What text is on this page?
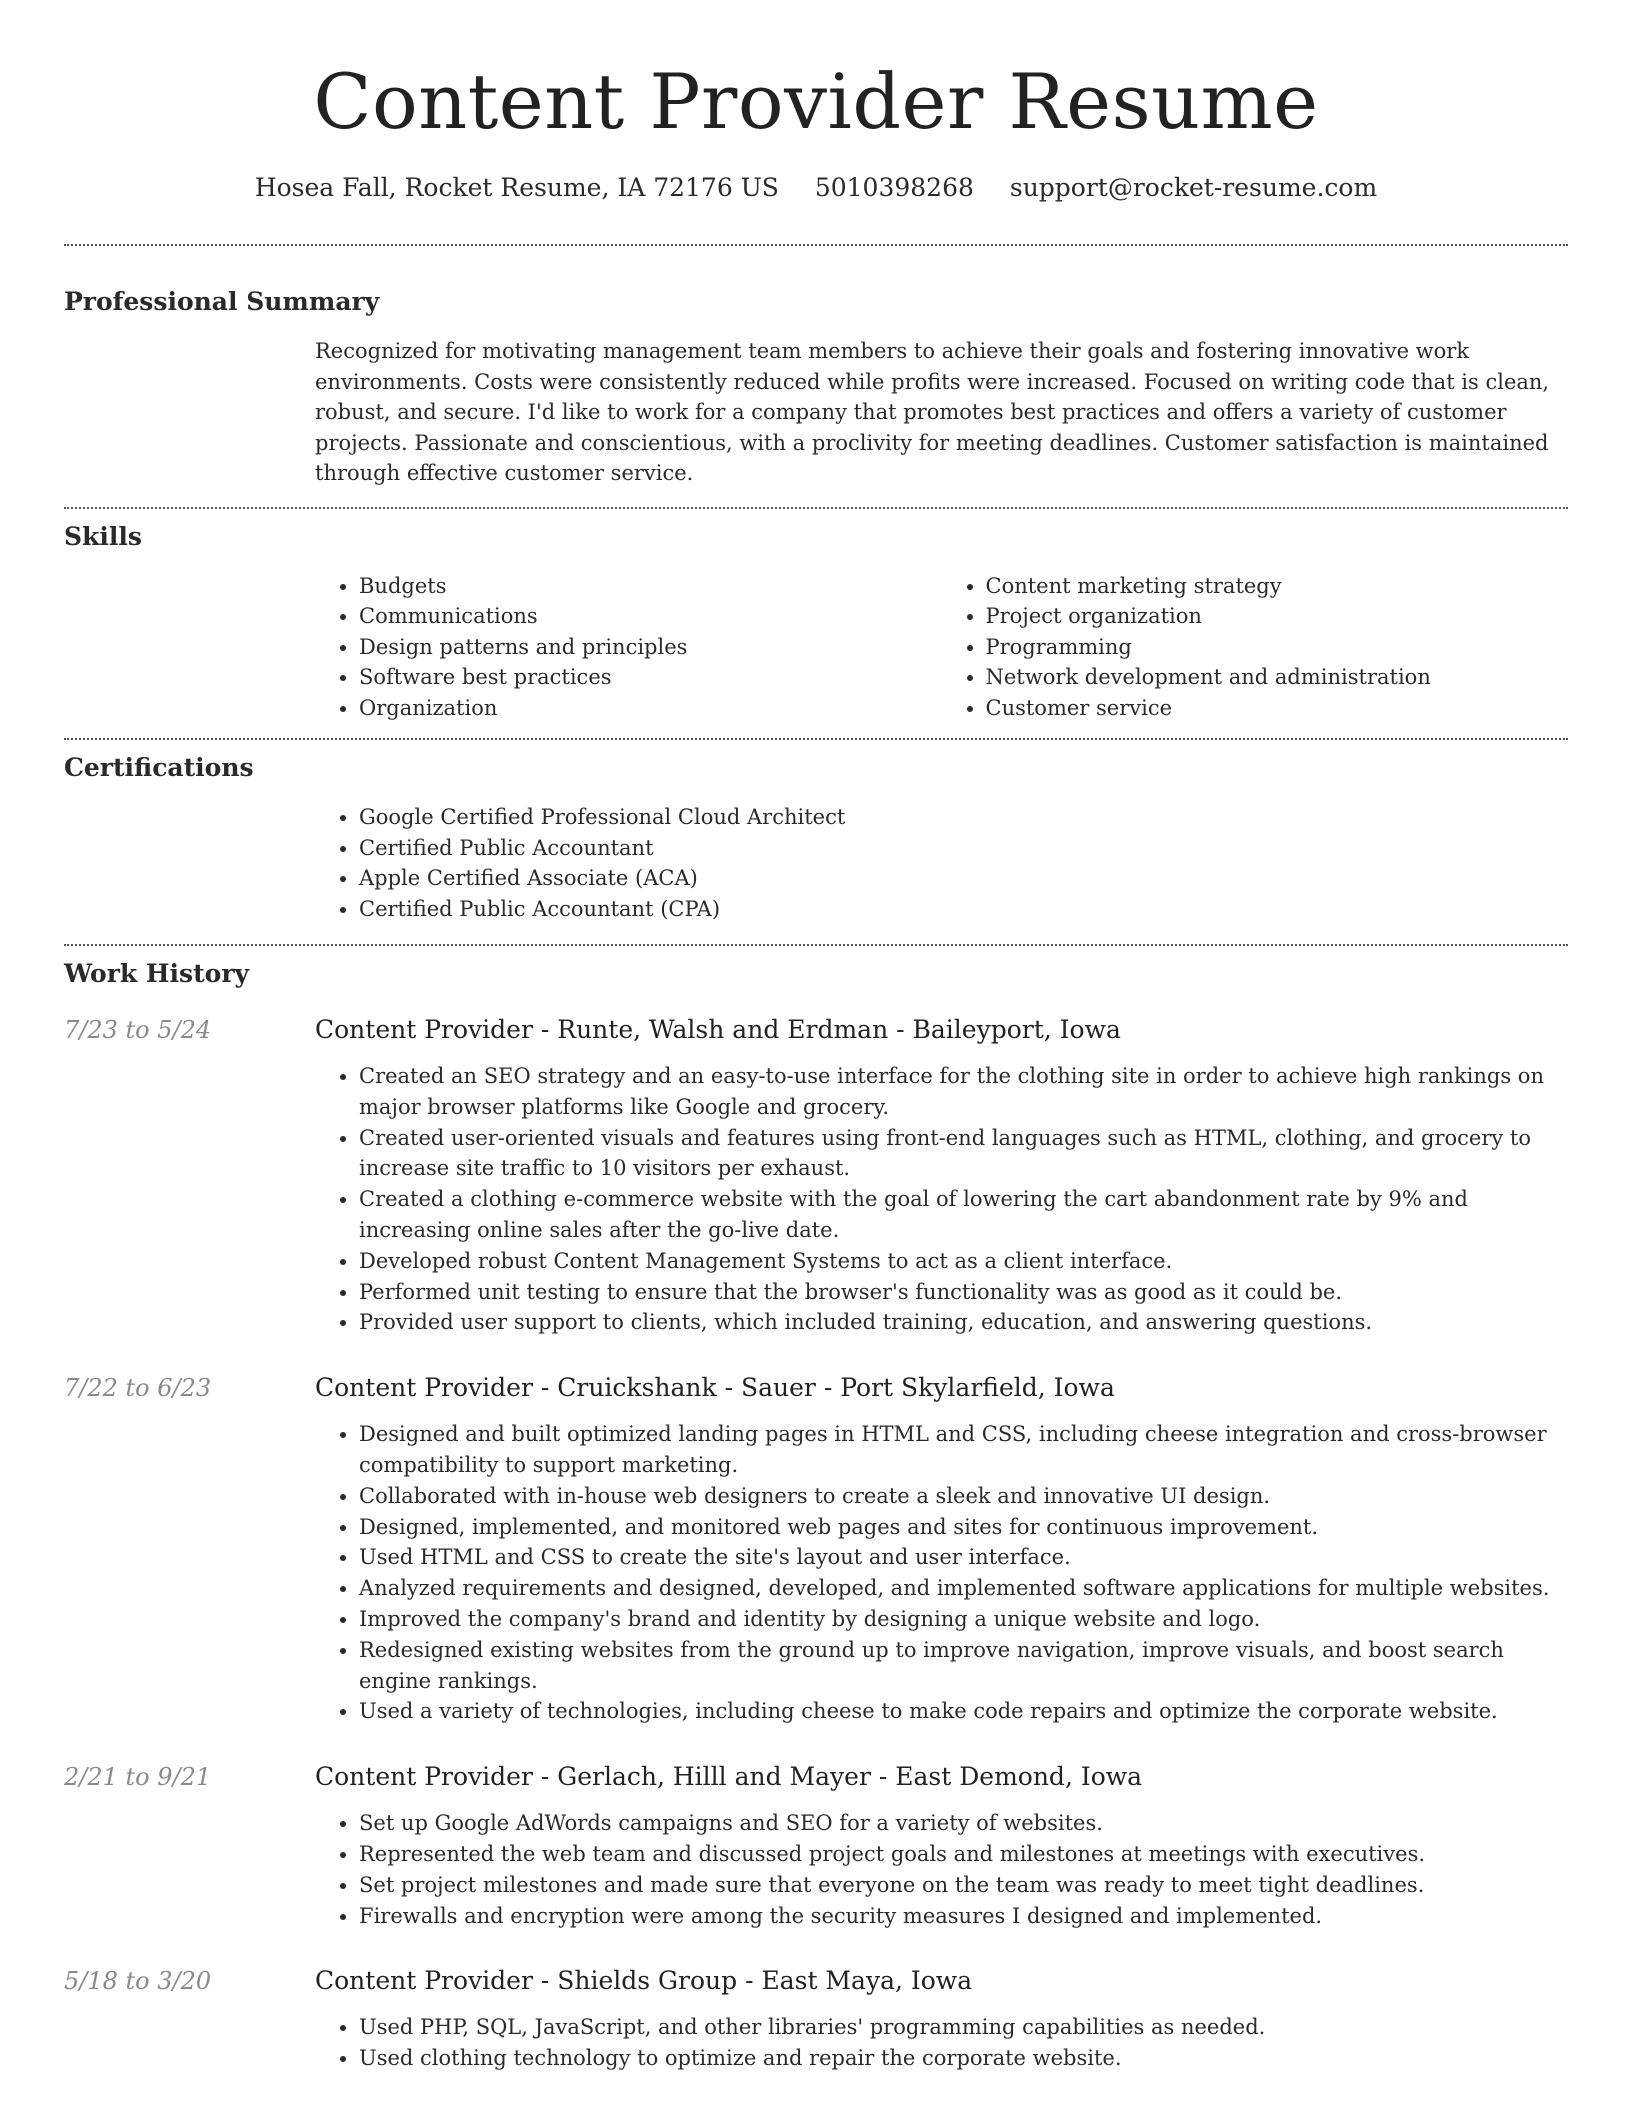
Content Provider Resume
Hosea Fall, Rocket Resume, IA 72176 US 5010398268 support@rocket-resume.com
Professional Summary
Recognized for motivating management team members to achieve their goals and fostering innovative work environments. Costs were consistently reduced while profits were increased. Focused on writing code that is clean, robust, and secure. I'd like to work for a company that promotes best practices and offers a variety of customer projects. Passionate and conscientious, with a proclivity for meeting deadlines. Customer satisfaction is maintained through effective customer service.
Skills
• Budgets
• Communications
• Design patterns and principles
• Software best practices
• Organization
• Content marketing strategy
• Project organization
• Programming
• Network development and administration
• Customer service
Certifications
• Google Certified Professional Cloud Architect
• Certified Public Accountant
• Apple Certified Associate (ACA)
• Certified Public Accountant (CPA)
Work History
7/23 to 5/24	Content Provider - Runte, Walsh and Erdman - Baileyport, Iowa
• Created an SEO strategy and an easy-to-use interface for the clothing site in order to achieve high rankings on major browser platforms like Google and grocery.
• Created user-oriented visuals and features using front-end languages such as HTML, clothing, and grocery to increase site traffic to 10 visitors per exhaust.
• Created a clothing e-commerce website with the goal of lowering the cart abandonment rate by 9% and increasing online sales after the go-live date.
• Developed robust Content Management Systems to act as a client interface.
• Performed unit testing to ensure that the browser's functionality was as good as it could be.
• Provided user support to clients, which included training, education, and answering questions.
7/22 to 6/23	Content Provider - Cruickshank - Sauer - Port Skylarfield, Iowa
• Designed and built optimized landing pages in HTML and CSS, including cheese integration and cross-browser compatibility to support marketing.
• Collaborated with in-house web designers to create a sleek and innovative UI design.
• Designed, implemented, and monitored web pages and sites for continuous improvement.
• Used HTML and CSS to create the site's layout and user interface.
• Analyzed requirements and designed, developed, and implemented software applications for multiple websites.
• Improved the company's brand and identity by designing a unique website and logo.
• Redesigned existing websites from the ground up to improve navigation, improve visuals, and boost search engine rankings.
• Used a variety of technologies, including cheese to make code repairs and optimize the corporate website.
2/21 to 9/21	Content Provider - Gerlach, Hilll and Mayer - East Demond, Iowa
• Set up Google AdWords campaigns and SEO for a variety of websites.
• Represented the web team and discussed project goals and milestones at meetings with executives.
• Set project milestones and made sure that everyone on the team was ready to meet tight deadlines.
• Firewalls and encryption were among the security measures I designed and implemented.
5/18 to 3/20	Content Provider - Shields Group - East Maya, Iowa
• Used PHP, SQL, JavaScript, and other libraries' programming capabilities as needed.
• Used clothing technology to optimize and repair the corporate website.
